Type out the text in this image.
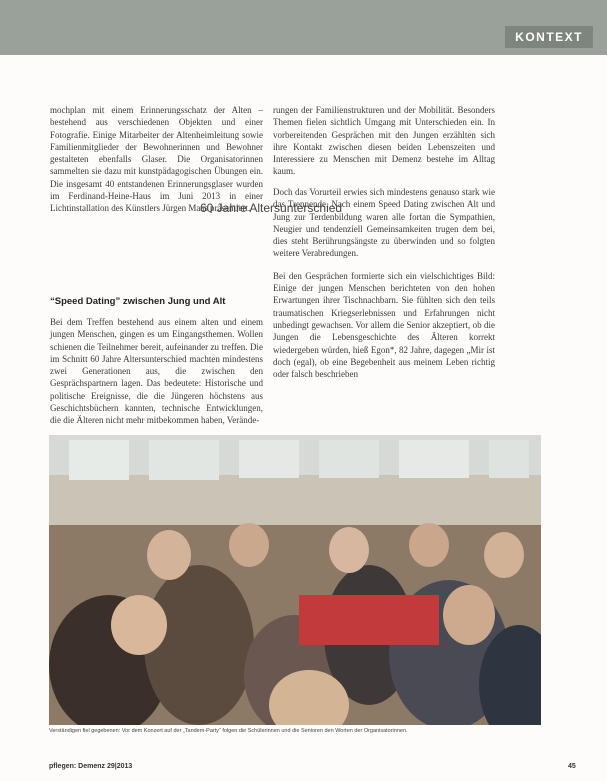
KONTEXT

mochplan mit einem Erinnerungsschatz der Alten – bestehend aus verschiedenen Objekten und einer Fotografie. Einige Mitarbeiter der Altenheimleitung sowie Familienmitglieder der Bewohnerinnen und Bewohner gestalteten ebenfalls Glaser. Die Organisatorinnen sammelten sie dazu mit kunstpädagogischen Übungen ein. Die insgesamt 40 entstandenen Erinnerungsglaser wurden im Ferdinand-Heine-Haus im Juni 2013 in einer Lichtinstallation des Künstlers Jürgen Maas präsentiert.

60 Jahre Altersunterschied
“Speed Dating” zwischen Jung und Alt

Bei dem Treffen bestehend aus einem alten und einem jungen Menschen, gingen es um Eingangsthemen. Wollen schienen die Teilnehmer bereit, aufeinander zu treffen. Die im Schnitt 60 Jahre Altersunterschied machten mindestens zwei Generationen aus, die zwischen den Gesprächspartnern lagen. Das bedeutete: Historische und politische Ereignisse, die die Jüngeren höchstens aus Geschichtsbüchern kannten, technische Entwicklungen, die die Älteren nicht mehr mitbekommen haben, Verände-

rungen der Familienstrukturen und der Mobilität. Besonders Themen fielen sichtlich Umgang mit Unterschieden ein. In vorbereitenden Gesprächen mit den Jungen erzählten sich ihre Kontakt zwischen diesen beiden Lebenszeiten und Interessiere zu Menschen mit Demenz bestehe im Alltag kaum.

Doch das Vorurteil erwies sich mindestens genauso stark wie das Trennende. Nach einem Speed Dating zwischen Alt und Jung zur Terdenbildung waren alle fortan die Sympathien, Neugier und tendenziell Gemeinsamkeiten trugen dem bei, dies steht Berührungsängste zu überwinden und so folgten weitere Verabredungen.

Bei den Gesprächen formierte sich ein vielschichtiges Bild: Einige der jungen Menschen berichteten von den hohen Erwartungen ihrer Tischnachbarn. Sie fühlten sich den teils traumatischen Kriegserlebnissen und Erfahrungen nicht unbedingt gewachsen. Vor allem die Senior akzeptiert, ob die Jungen die Lebensgeschichte des Älteren korrekt wiedergeben würden, hieß Egon*, 82 Jahre, dagegen „Mir ist doch (egal), ob eine Begebenheit aus meinem Leben richtig oder falsch beschrieben

Verständigen fiel gegebenen: Vor dem Konzert auf der „Tandem-Party“ folgen die Schülerinnen und die Senioren den Worten der Organisatorinnen.
pflegen: Demenz 29|2013	45
